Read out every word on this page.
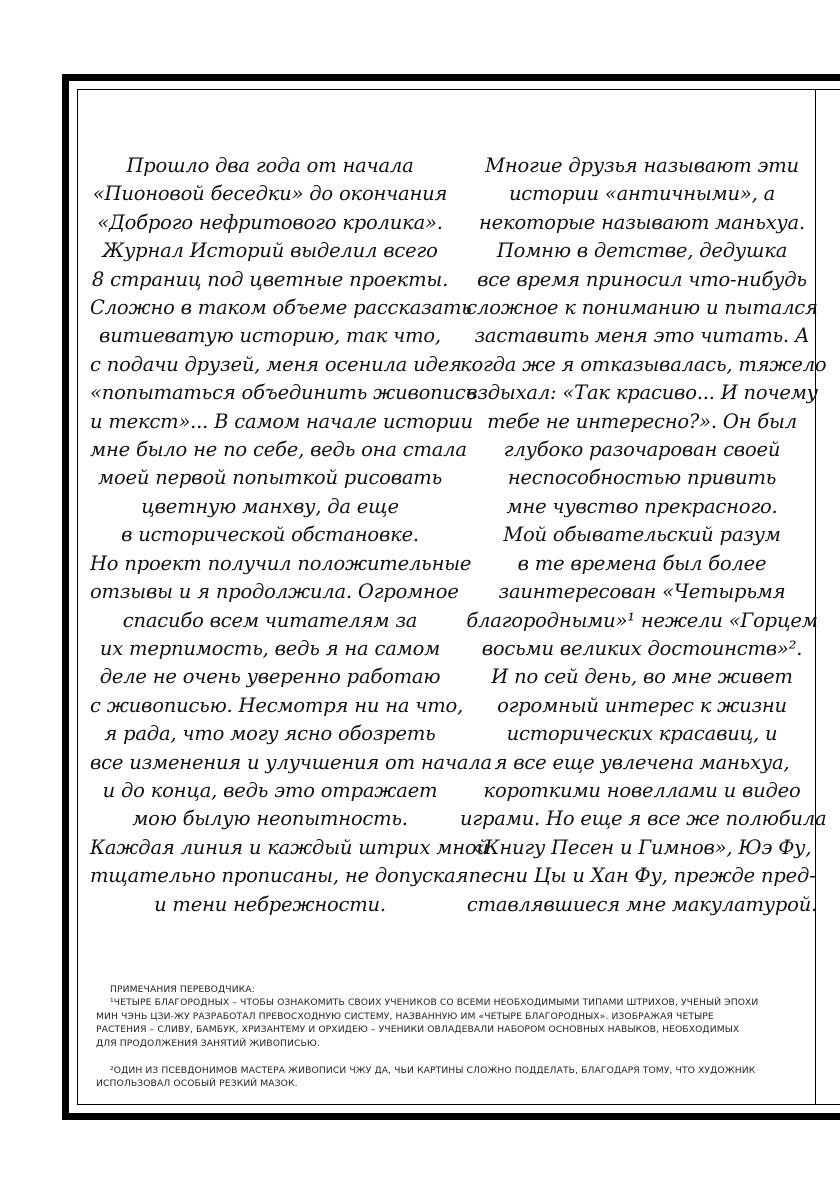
Прошло два года от начала
«Пионовой беседки» до окончания
«Доброго нефритового кролика».
Журнал Историй выделил всего
8 страниц под цветные проекты.
Сложно в таком объеме рассказать
витиеватую историю, так что,
с подачи друзей, меня осенила идея
«попытаться объединить живопись
и текст»... В самом начале истории
мне было не по себе, ведь она стала
моей первой попыткой рисовать
цветную манхву, да еще
в исторической обстановке.
Но проект получил положительные
отзывы и я продолжила. Огромное
спасибо всем читателям за
их терпимость, ведь я на самом
деле не очень уверенно работаю
с живописью. Несмотря ни на что,
я рада, что могу ясно обозреть
все изменения и улучшения от начала
и до конца, ведь это отражает
мою былую неопытность.
Каждая линия и каждый штрих мной
тщательно прописаны, не допуская
и тени небрежности.
Многие друзья называют эти
истории «античными», а
некоторые называют маньхуа.
Помню в детстве, дедушка
все время приносил что-нибудь
сложное к пониманию и пытался
заставить меня это читать. А
когда же я отказывалась, тяжело
вздыхал: «Так красиво... И почему
тебе не интересно?». Он был
глубоко разочарован своей
неспособностью привить
мне чувство прекрасного.
Мой обывательский разум
в те времена был более
заинтересован «Четырьмя
благородными»¹ нежели «Горцем
восьми великих достоинств»².
И по сей день, во мне живет
огромный интерес к жизни
исторических красавиц, и
я все еще увлечена маньхуа,
короткими новеллами и видео
играми. Но еще я все же полюбила
«Книгу Песен и Гимнов», Юэ Фу,
песни Цы и Хан Фу, прежде пред-
ставлявшиеся мне макулатурой.
ПРИМЕЧАНИЯ ПЕРЕВОДЧИКА:
¹ЧЕТЫРЕ БЛАГОРОДНЫХ – ЧТОБЫ ОЗНАКОМИТЬ СВОИХ УЧЕНИКОВ СО ВСЕМИ НЕОБХОДИМЫМИ ТИПАМИ ШТРИХОВ, УЧЕНЫЙ ЭПОХИ
МИН ЧЭНЬ ЦЗИ-ЖУ РАЗРАБОТАЛ ПРЕВОСХОДНУЮ СИСТЕМУ, НАЗВАННУЮ ИМ «ЧЕТЫРЕ БЛАГОРОДНЫХ». ИЗОБРАЖАЯ ЧЕТЫРЕ
РАСТЕНИЯ – СЛИВУ, БАМБУК, ХРИЗАНТЕМУ И ОРХИДЕЮ – УЧЕНИКИ ОВЛАДЕВАЛИ НАБОРОМ ОСНОВНЫХ НАВЫКОВ, НЕОБХОДИМЫХ
ДЛЯ ПРОДОЛЖЕНИЯ ЗАНЯТИЙ ЖИВОПИСЬЮ.
²ОДИН ИЗ ПСЕВДОНИМОВ МАСТЕРА ЖИВОПИСИ ЧЖУ ДА, ЧЬИ КАРТИНЫ СЛОЖНО ПОДДЕЛАТЬ, БЛАГОДАРЯ ТОМУ, ЧТО ХУДОЖНИК
ИСПОЛЬЗОВАЛ ОСОБЫЙ РЕЗКИЙ МАЗОК.
